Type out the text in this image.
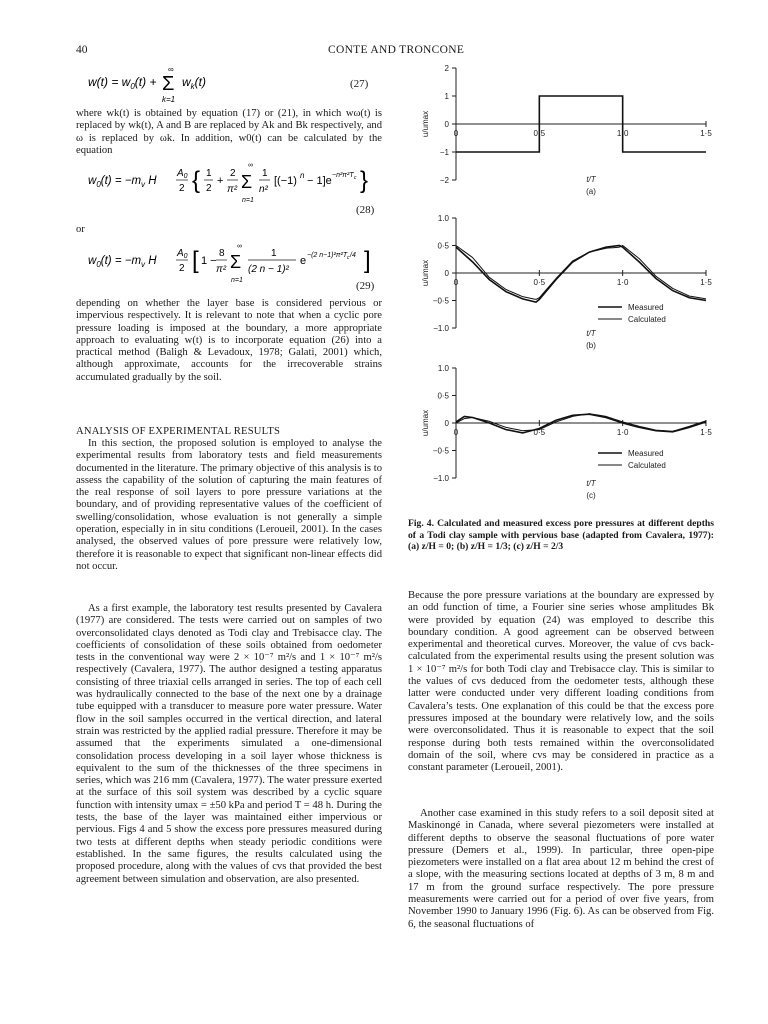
40	CONTE AND TRONCONE
$w(t) = w_0(t)$ +
∞
Σ
k=1
$w_k(t)$	(27)

where wk(t) is obtained by equation (17) or (21), in which wω(t) is replaced by wk(t), A and B are replaced by Ak and Bk respectively, and ω is replaced by ωk. In addition, w0(t) can be calculated by the equation

$w_0(t) = -m_v$ H
$A_0$
2 { 1
2
+
2
π²
∞
Σ
n=1
1
n²
[(−1) n − 1]e −n²π²T c }
(28)
or
$w_0(t) = -m_v$ H
$A_0$
2 [ 1 −
8
π²
∞
Σ
n=1
1
(2 n − 1)²
e −(2 n−1)²π²T c /4 ]
(29)

depending on whether the layer base is considered pervious or impervious respectively. It is relevant to note that when a cyclic pore pressure loading is imposed at the boundary, a more appropriate approach to evaluating w(t) is to incorporate equation (26) into a practical method (Baligh & Levadoux, 1978; Galati, 2001) which, although approximate, accounts for the irrecoverable strains accumulated gradually by the soil.

ANALYSIS OF EXPERIMENTAL RESULTS

In this section, the proposed solution is employed to analyse the experimental results from laboratory tests and field measurements documented in the literature. The primary objective of this analysis is to assess the capability of the solution of capturing the main features of the real response of soil layers to pore pressure variations at the boundary, and of providing representative values of the coefficient of swelling/consolidation, whose evaluation is not generally a simple operation, especially in in situ conditions (Leroueil, 2001). In the cases analysed, the observed values of pore pressure were relatively low, therefore it is reasonable to expect that significant non-linear effects did not occur.

As a first example, the laboratory test results presented by Cavalera (1977) are considered. The tests were carried out on samples of two overconsolidated clays denoted as Todi clay and Trebisacce clay. The coefficients of consolidation of these soils obtained from oedometer tests in the conventional way were 2 × 10⁻⁷ m²/s and 1 × 10⁻⁷ m²/s respectively (Cavalera, 1977). The author designed a testing apparatus consisting of three triaxial cells arranged in series. The top of each cell was hydraulically connected to the base of the next one by a drainage tube equipped with a transducer to measure pore water pressure. Water flow in the soil samples occurred in the vertical direction, and lateral strain was restricted by the applied radial pressure. Therefore it may be assumed that the experiments simulated a one-dimensional consolidation process developing in a soil layer whose thickness is equivalent to the sum of the thicknesses of the three specimens in series, which was 216 mm (Cavalera, 1977). The water pressure exerted at the surface of this soil system was described by a cyclic square function with intensity umax = ±50 kPa and period T = 48 h. During the tests, the base of the layer was maintained either impervious or pervious. Figs 4 and 5 show the excess pore pressures measured during two tests at different depths when steady periodic conditions were established. In the same figures, the results calculated using the proposed procedure, along with the values of cvs that provided the best agreement between simulation and observation, are also presented.

2
1
0
−1
−2
0	0·5	1·0	1·5
u/umax
t/T
(a)
1.0
0·5
0
−0·5
−1.0
0	0·5	1·0	1·5
u/umax
t/T
(b)
Measured
Calculated
1.0
0·5
0
−0·5
−1.0
0	0·5	1·0	1·5
u/umax
t/T
(c)
Measured
Calculated
Fig. 4. Calculated and measured excess pore pressures at different depths of a Todi clay sample with pervious base (adapted from Cavalera, 1977): (a) z/H = 0; (b) z/H = 1/3; (c) z/H = 2/3

Because the pore pressure variations at the boundary are expressed by an odd function of time, a Fourier sine series whose amplitudes Bk were provided by equation (24) was employed to describe this boundary condition. A good agreement can be observed between experimental and theoretical curves. Moreover, the value of cvs back-calculated from the experimental results using the present solution was 1 × 10⁻⁷ m²/s for both Todi clay and Trebisacce clay. This is similar to the values of cvs deduced from the oedometer tests, although these latter were conducted under very different loading conditions from Cavalera’s tests. One explanation of this could be that the excess pore pressures imposed at the boundary were relatively low, and the soils were overconsolidated. Thus it is reasonable to expect that the soil response during both tests remained within the overconsolidated domain of the soil, where cvs may be considered in practice as a constant parameter (Leroueil, 2001).

Another case examined in this study refers to a soil deposit sited at Maskinongé in Canada, where several piezometers were installed at different depths to observe the seasonal fluctuations of pore water pressure (Demers et al., 1999). In particular, three open-pipe piezometers were installed on a flat area about 12 m behind the crest of a slope, with the measuring sections located at depths of 3 m, 8 m and 17 m from the ground surface respectively. The pore pressure measurements were carried out for a period of over five years, from November 1990 to January 1996 (Fig. 6). As can be observed from Fig. 6, the seasonal fluctuations of
